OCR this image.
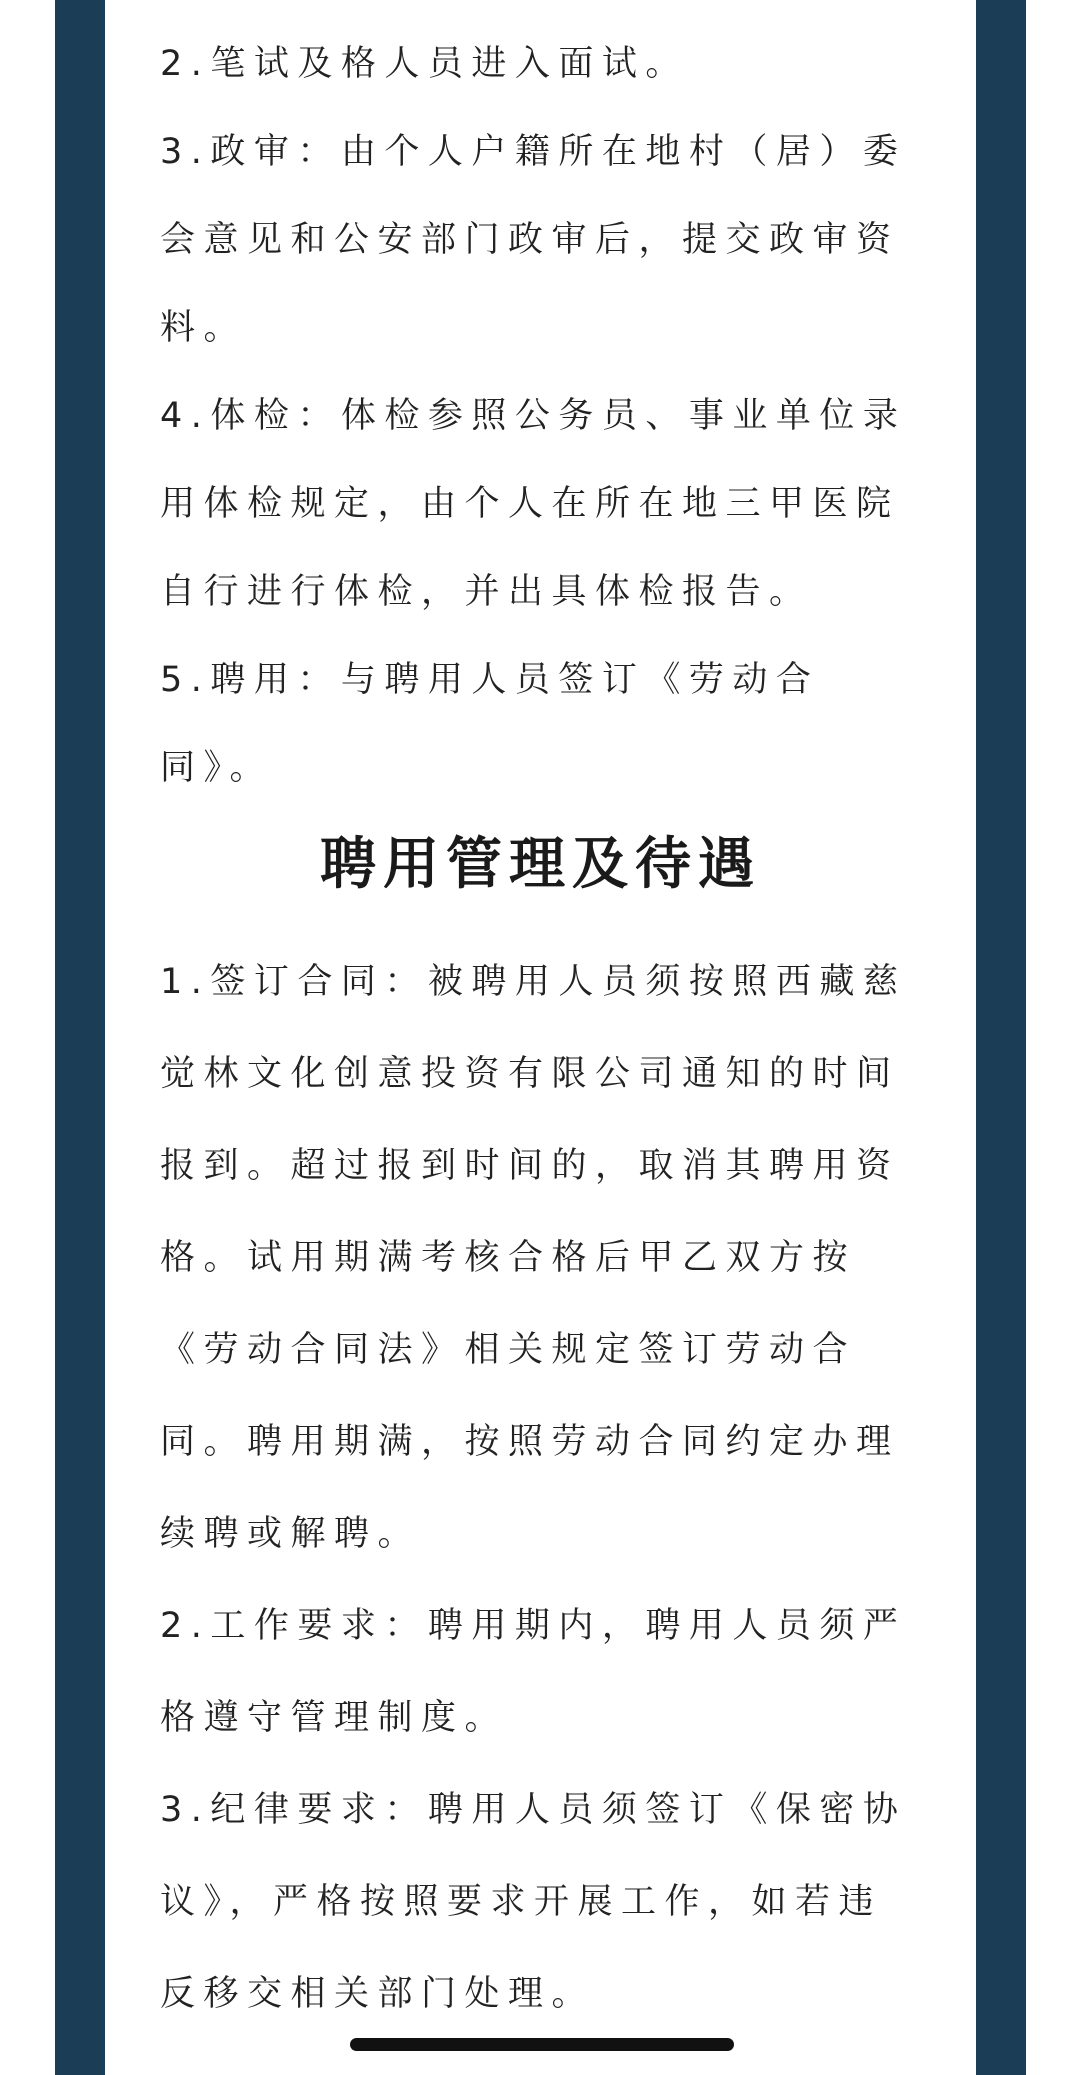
2.笔试及格人员进入面试。
3.政审：由个人户籍所在地村（居）委
会意见和公安部门政审后，提交政审资
料。
4.体检：体检参照公务员、事业单位录
用体检规定，由个人在所在地三甲医院
自行进行体检，并出具体检报告。
5.聘用：与聘用人员签订《劳动合
同》。
聘用管理及待遇
1.签订合同：被聘用人员须按照西藏慈
觉林文化创意投资有限公司通知的时间
报到。超过报到时间的，取消其聘用资
格。试用期满考核合格后甲乙双方按
《劳动合同法》相关规定签订劳动合
同。聘用期满，按照劳动合同约定办理
续聘或解聘。
2.工作要求：聘用期内，聘用人员须严
格遵守管理制度。
3.纪律要求：聘用人员须签订《保密协
议》，严格按照要求开展工作，如若违
反移交相关部门处理。
